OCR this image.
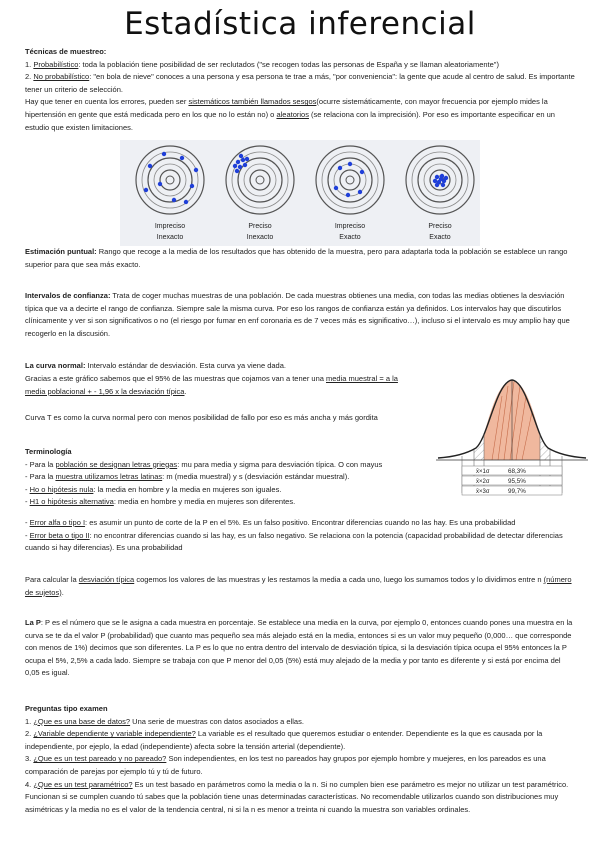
Estadística inferencial

Técnicas de muestreo:

1. Probabilístico: toda la población tiene posibilidad de ser reclutados ("se recogen todas las personas de España y se llaman aleatoriamente")
2. No probabilístico: "en bola de nieve" conoces a una persona y esa persona te trae a más, "por conveniencia": la gente que acude al centro de salud. Es importante tener un criterio de selección.
Hay que tener en cuenta los errores, pueden ser sistemáticos también llamados sesgos(ocurre sistemáticamente, con mayor frecuencia por ejemplo mides la hipertensión en gente que está medicada pero en los que no lo están no) o aleatorios (se relaciona con la imprecisión). Por eso es importante especificar en un estudio que existen limitaciones.
Impreciso
Inexacto
Preciso
Inexacto
Impreciso
Exacto
Preciso
Exacto
Estimación puntual: Rango que recoge a la media de los resultados que has obtenido de la muestra, pero para adaptarla toda la población se establece un rango superior para que sea más exacto.
Intervalos de confianza: Trata de coger muchas muestras de una población. De cada muestras obtienes una media, con todas las medias obtienes la desviación típica que va a decirte el rango de confianza. Siempre sale la misma curva. Por eso los rangos de confianza están ya definidos. Los intervalos hay que discutirlos clínicamente y ver si son significativos o no (el riesgo por fumar en enf coronaria es de 7 veces más es significativo…), incluso si el intervalo es muy amplio hay que recogerlo en la discusión.
La curva normal: Intervalo estándar de desviación. Esta curva ya viene dada.
Gracias a este gráfico sabemos que el 95% de las muestras que cojamos van a tener una media muestral = a la media poblacional + - 1,96 x la desviación típica.
Curva T es como la curva normal pero con menos posibilidad de fallo por eso es más ancha y más gordita
x̄×1σ	68,3%
x̄×2σ	95,5%
x̄×3σ	99,7%

Terminología

- Para la población se designan letras griegas: mu para media y sigma para desviación típica. O con mayus
- Para la muestra utilizamos letras latinas: m (media muestral) y s (desviación estándar muestral).
- Ho o hipótesis nula: la media en hombre y la media en mujeres son iguales.
- H1 o hipótesis alternativa: media en hombre y media en mujeres son diferentes.
- Error alfa o tipo I: es asumir un punto de corte de la P en el 5%. Es un falso positivo. Encontrar diferencias cuando no las hay. Es una probabilidad
- Error beta o tipo II: no encontrar diferencias cuando si las hay, es un falso negativo. Se relaciona con la potencia (capacidad probabilidad de detectar diferencias cuando si hay diferencias). Es una probabilidad
Para calcular la desviación típica cogemos los valores de las muestras y les restamos la media a cada uno, luego los sumamos todos y lo dividimos entre n (número de sujetos).
La P: P es el número que se le asigna a cada muestra en porcentaje. Se establece una media en la curva, por ejemplo 0, entonces cuando pones una muestra en la curva se te da el valor P (probabilidad) que cuanto mas pequeño sea más alejado está en la media, entonces si es un valor muy pequeño (0,000… que corresponde con menos de 1%) decimos que son diferentes. La P es lo que no entra dentro del intervalo de desviación típica, si la desviación típica ocupa el 95% entonces la P ocupa el 5%, 2,5% a cada lado. Siempre se trabaja con que P menor del 0,05 (5%) está muy alejado de la media y por tanto es diferente y si está por encima del 0,05 es igual.

Preguntas tipo examen

1. ¿Que es una base de datos? Una serie de muestras con datos asociados a ellas.
2. ¿Variable dependiente y variable independiente? La variable es el resultado que queremos estudiar o entender. Dependiente es la que es causada por la independiente, por ejeplo, la edad (independiente) afecta sobre la tensión arterial (dependiente).
3. ¿Que es un test pareado y no pareado? Son independientes, en los test no pareados hay grupos por ejemplo hombre y muejeres, en los pareados es una comparación de parejas por ejemplo tú y tú de futuro.
4. ¿Que es un test paramétrico? Es un test basado en parámetros como la media o la n. Si no cumplen bien ese parámetro es mejor no utilizar un test paramétrico. Funcionan si se cumplen cuando tú sabes que la población tiene unas determinadas características. No recomendable utilizarlos cuando son distribuciones muy asimétricas y la media no es el valor de la tendencia central, ni si la n es menor a treinta ni cuando la muestra son variables ordinales.
